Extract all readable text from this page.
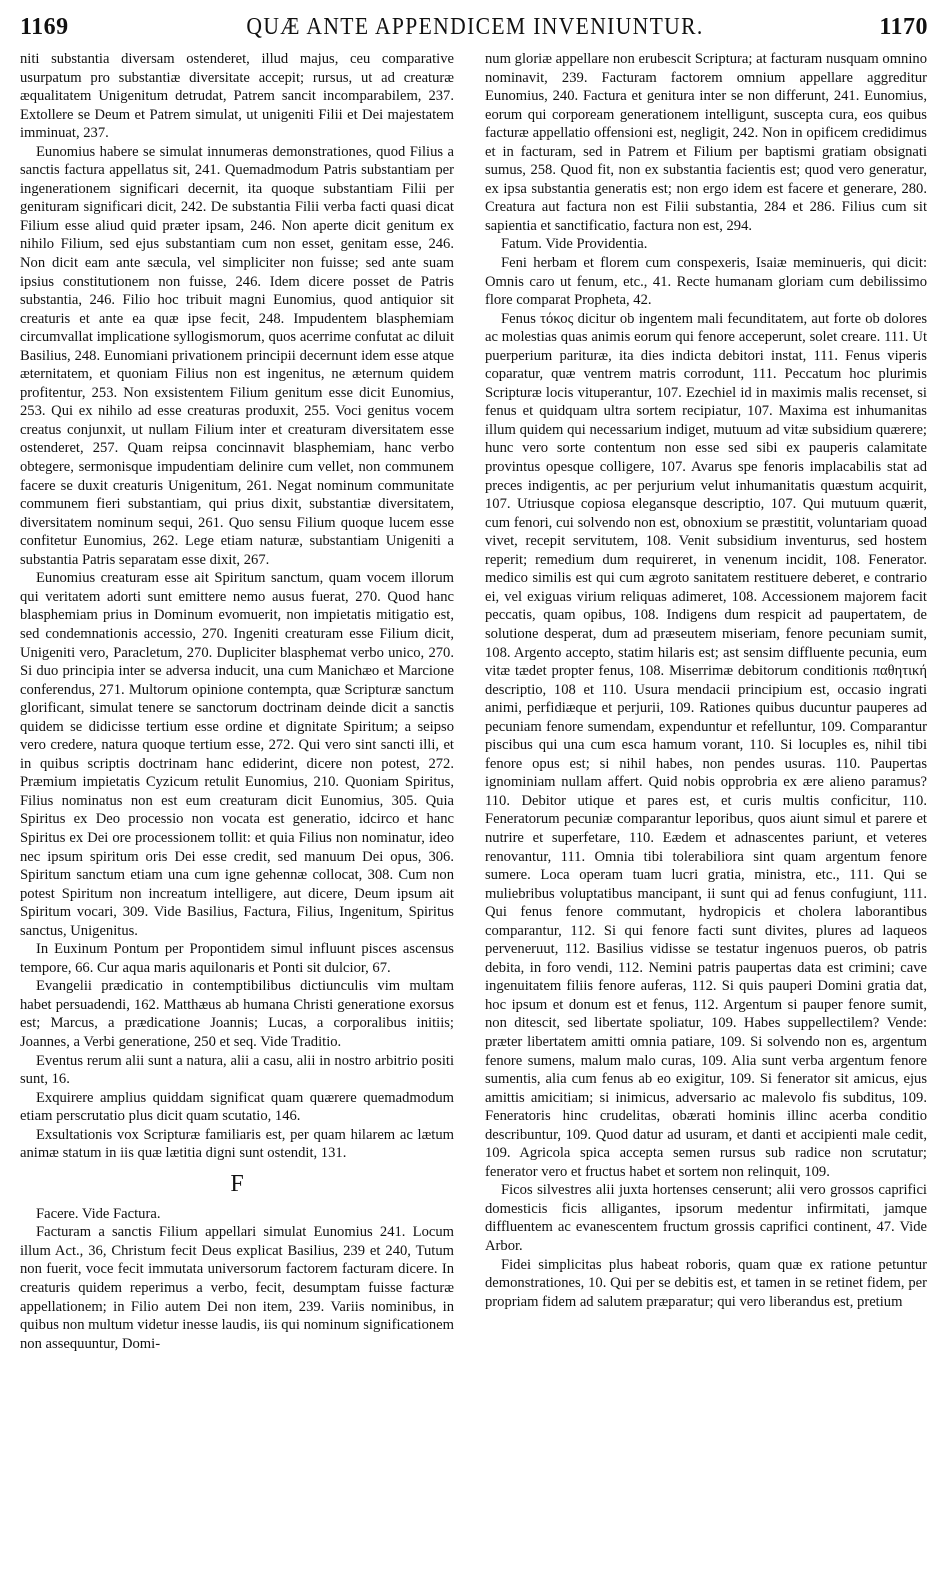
1169	QUÆ ANTE APPENDICEM INVENIUNTUR.	1170

niti substantia diversam ostenderet, illud majus, ceu comparative usurpatum pro substantiæ diversitate accepit; rursus, ut ad creaturæ æqualitatem Unigenitum detrudat, Patrem sancit incomparabilem, 237. Extollere se Deum et Patrem simulat, ut unigeniti Filii et Dei majestatem imminuat, 237.

Eunomius habere se simulat innumeras demonstrationes, quod Filius a sanctis factura appellatus sit, 241. Quemadmodum Patris substantiam per ingenerationem significari decernit, ita quoque substantiam Filii per genituram significari dicit, 242. De substantia Filii verba facti quasi dicat Filium esse aliud quid præter ipsam, 246. Non aperte dicit genitum ex nihilo Filium, sed ejus substantiam cum non esset, genitam esse, 246. Non dicit eam ante sæcula, vel simpliciter non fuisse; sed ante suam ipsius constitutionem non fuisse, 246. Idem dicere posset de Patris substantia, 246. Filio hoc tribuit magni Eunomius, quod antiquior sit creaturis et ante ea quæ ipse fecit, 248. Impudentem blasphemiam circumvallat implicatione syllogismorum, quos acerrime confutat ac diluit Basilius, 248. Eunomiani privationem principii decernunt idem esse atque æternitatem, et quoniam Filius non est ingenitus, ne æternum quidem profitentur, 253. Non exsistentem Filium genitum esse dicit Eunomius, 253. Qui ex nihilo ad esse creaturas produxit, 255. Voci genitus vocem creatus conjunxit, ut nullam Filium inter et creaturam diversitatem esse ostenderet, 257. Quam reipsa concinnavit blasphemiam, hanc verbo obtegere, sermonisque impudentiam delinire cum vellet, non communem facere se duxit creaturis Unigenitum, 261. Negat nominum communitate communem fieri substantiam, qui prius dixit, substantiæ diversitatem, diversitatem nominum sequi, 261. Quo sensu Filium quoque lucem esse confitetur Eunomius, 262. Lege etiam naturæ, substantiam Unigeniti a substantia Patris separatam esse dixit, 267.

Eunomius creaturam esse ait Spiritum sanctum, quam vocem illorum qui veritatem adorti sunt emittere nemo ausus fuerat, 270. Quod hanc blasphemiam prius in Dominum evomuerit, non impietatis mitigatio est, sed condemnationis accessio, 270. Ingeniti creaturam esse Filium dicit, Unigeniti vero, Paracletum, 270. Dupliciter blasphemat verbo unico, 270. Si duo principia inter se adversa inducit, una cum Manichæo et Marcione conferendus, 271. Multorum opinione contempta, quæ Scripturæ sanctum glorificant, simulat tenere se sanctorum doctrinam deinde dicit a sanctis quidem se didicisse tertium esse ordine et dignitate Spiritum; a seipso vero credere, natura quoque tertium esse, 272. Qui vero sint sancti illi, et in quibus scriptis doctrinam hanc ediderint, dicere non potest, 272. Præmium impietatis Cyzicum retulit Eunomius, 210. Quoniam Spiritus, Filius nominatus non est eum creaturam dicit Eunomius, 305. Quia Spiritus ex Deo processio non vocata est generatio, idcirco et hanc Spiritus ex Dei ore processionem tollit: et quia Filius non nominatur, ideo nec ipsum spiritum oris Dei esse credit, sed manuum Dei opus, 306. Spiritum sanctum etiam una cum igne gehennæ collocat, 308. Cum non potest Spiritum non increatum intelligere, aut dicere, Deum ipsum ait Spiritum vocari, 309. Vide Basilius, Factura, Filius, Ingenitum, Spiritus sanctus, Unigenitus.

In Euxinum Pontum per Propontidem simul influunt pisces ascensus tempore, 66. Cur aqua maris aquilonaris et Ponti sit dulcior, 67.

Evangelii prædicatio in contemptibilibus dictiunculis vim multam habet persuadendi, 162. Matthæus ab humana Christi generatione exorsus est; Marcus, a prædicatione Joannis; Lucas, a corporalibus initiis; Joannes, a Verbi generatione, 250 et seq. Vide Traditio.

Eventus rerum alii sunt a natura, alii a casu, alii in nostro arbitrio positi sunt, 16.

Exquirere amplius quiddam significat quam quærere quemadmodum etiam perscrutatio plus dicit quam scutatio, 146.

Exsultationis vox Scripturæ familiaris est, per quam hilarem ac lætum animæ statum in iis quæ lætitia digni sunt ostendit, 131.

F

Facere. Vide Factura.

Facturam a sanctis Filium appellari simulat Eunomius 241. Locum illum Act., 36, Christum fecit Deus explicat Basilius, 239 et 240, Tutum non fuerit, voce fecit immutata universorum factorem facturam dicere. In creaturis quidem reperimus a verbo, fecit, desumptam fuisse facturæ appellationem; in Filio autem Dei non item, 239. Variis nominibus, in quibus non multum videtur inesse laudis, iis qui nominum significationem non assequuntur, Domi-

num gloriæ appellare non erubescit Scriptura; at facturam nusquam omnino nominavit, 239. Facturam factorem omnium appellare aggreditur Eunomius, 240. Factura et genitura inter se non differunt, 241. Eunomius, eorum qui corpoream generationem intelligunt, suscepta cura, eos quibus facturæ appellatio offensioni est, negligit, 242. Non in opificem credidimus et in facturam, sed in Patrem et Filium per baptismi gratiam obsignati sumus, 258. Quod fit, non ex substantia facientis est; quod vero generatur, ex ipsa substantia generatis est; non ergo idem est facere et generare, 280. Creatura aut factura non est Filii substantia, 284 et 286. Filius cum sit sapientia et sanctificatio, factura non est, 294.

Fatum. Vide Providentia.

Feni herbam et florem cum conspexeris, Isaiæ meminueris, qui dicit: Omnis caro ut fenum, etc., 41. Recte humanam gloriam cum debilissimo flore comparat Propheta, 42.

Fenus τόκος dicitur ob ingentem mali fecunditatem, aut forte ob dolores ac molestias quas animis eorum qui fenore acceperunt, solet creare. 111. Ut puerperium parituræ, ita dies indicta debitori instat, 111. Fenus viperis coparatur, quæ ventrem matris corrodunt, 111. Peccatum hoc plurimis Scripturæ locis vituperantur, 107. Ezechiel id in maximis malis recenset, si fenus et quidquam ultra sortem recipiatur, 107. Maxima est inhumanitas illum quidem qui necessarium indiget, mutuum ad vitæ subsidium quærere; hunc vero sorte contentum non esse sed sibi ex pauperis calamitate provintus opesque colligere, 107. Avarus spe fenoris implacabilis stat ad preces indigentis, ac per perjurium velut inhumanitatis quæstum acquirit, 107. Utriusque copiosa elegansque descriptio, 107. Qui mutuum quærit, cum fenori, cui solvendo non est, obnoxium se præstitit, voluntariam quoad vivet, recepit servitutem, 108. Venit subsidium inventurus, sed hostem reperit; remedium dum requireret, in venenum incidit, 108. Fenerator. medico similis est qui cum ægroto sanitatem restituere deberet, e contrario ei, vel exiguas virium reliquas adimeret, 108. Accessionem majorem facit peccatis, quam opibus, 108. Indigens dum respicit ad paupertatem, de solutione desperat, dum ad præseutem miseriam, fenore pecuniam sumit, 108. Argento accepto, statim hilaris est; ast sensim diffluente pecunia, eum vitæ tædet propter fenus, 108. Miserrimæ debitorum conditionis παθητική descriptio, 108 et 110. Usura mendacii principium est, occasio ingrati animi, perfidiæque et perjurii, 109. Rationes quibus ducuntur pauperes ad pecuniam fenore sumendam, expenduntur et refelluntur, 109. Comparantur piscibus qui una cum esca hamum vorant, 110. Si locuples es, nihil tibi fenore opus est; si nihil habes, non pendes usuras. 110. Paupertas ignominiam nullam affert. Quid nobis opprobria ex ære alieno paramus? 110. Debitor utique et pares est, et curis multis conficitur, 110. Feneratorum pecuniæ comparantur leporibus, quos aiunt simul et parere et nutrire et superfetare, 110. Eædem et adnascentes pariunt, et veteres renovantur, 111. Omnia tibi tolerabiliora sint quam argentum fenore sumere. Loca operam tuam lucri gratia, ministra, etc., 111. Qui se muliebribus voluptatibus mancipant, ii sunt qui ad fenus confugiunt, 111. Qui fenus fenore commutant, hydropicis et cholera laborantibus comparantur, 112. Si qui fenore facti sunt divites, plures ad laqueos perveneruut, 112. Basilius vidisse se testatur ingenuos pueros, ob patris debita, in foro vendi, 112. Nemini patris paupertas data est crimini; cave ingenuitatem filiis fenore auferas, 112. Si quis pauperi Domini gratia dat, hoc ipsum et donum est et fenus, 112. Argentum si pauper fenore sumit, non ditescit, sed libertate spoliatur, 109. Habes suppellectilem? Vende: præter libertatem amitti omnia patiare, 109. Si solvendo non es, argentum fenore sumens, malum malo curas, 109. Alia sunt verba argentum fenore sumentis, alia cum fenus ab eo exigitur, 109. Si fenerator sit amicus, ejus amittis amicitiam; si inimicus, adversario ac malevolo fis subditus, 109. Feneratoris hinc crudelitas, obærati hominis illinc acerba conditio describuntur, 109. Quod datur ad usuram, et danti et accipienti male cedit, 109. Agricola spica accepta semen rursus sub radice non scrutatur; fenerator vero et fructus habet et sortem non relinquit, 109.

Ficos silvestres alii juxta hortenses censerunt; alii vero grossos caprifici domesticis ficis alligantes, ipsorum medentur infirmitati, jamque diffluentem ac evanescentem fructum grossis caprifici continent, 47. Vide Arbor.

Fidei simplicitas plus habeat roboris, quam quæ ex ratione petuntur demonstrationes, 10. Qui per se debitis est, et tamen in se retinet fidem, per propriam fidem ad salutem præparatur; qui vero liberandus est, pretium
